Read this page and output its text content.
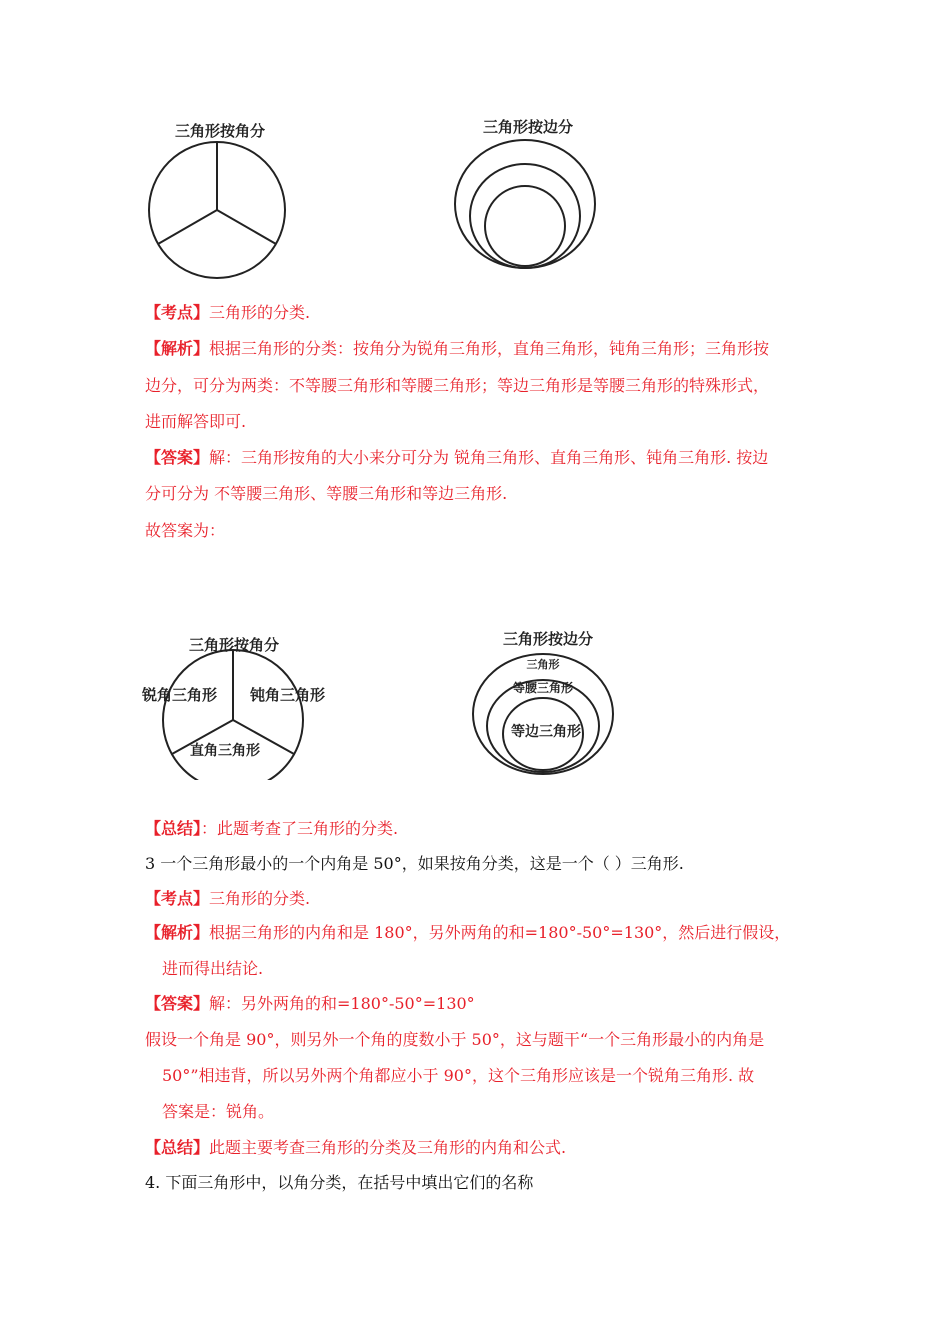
三角形按角分	三角形按边分
【考点】三角形的分类.
【解析】根据三角形的分类：按角分为锐角三角形，直角三角形，钝角三角形；三角形按
边分，可分为两类：不等腰三角形和等腰三角形；等边三角形是等腰三角形的特殊形式，
进而解答即可.
【答案】解：三角形按角的大小来分可分为 锐角三角形、直角三角形、钝角三角形. 按边
分可分为 不等腰三角形、等腰三角形和等边三角形.
故答案为：
三角形按角分
锐角三角形 钝角三角形
直角三角形
三角形按边分
三角形
等腰三角形
等边三角形
【总结】：此题考查了三角形的分类.
3 一个三角形最小的一个内角是 50°，如果按角分类，这是一个（ ）三角形.
【考点】三角形的分类.
【解析】根据三角形的内角和是 180°，另外两角的和=180°-50°=130°，然后进行假设，
进而得出结论.
【答案】解：另外两角的和=180°-50°=130°
假设一个角是 90°，则另外一个角的度数小于 50°，这与题干“一个三角形最小的内角是
50°”相违背，所以另外两个角都应小于 90°，这个三角形应该是一个锐角三角形. 故
答案是：锐角。
【总结】此题主要考查三角形的分类及三角形的内角和公式.
4. 下面三角形中，以角分类，在括号中填出它们的名称
